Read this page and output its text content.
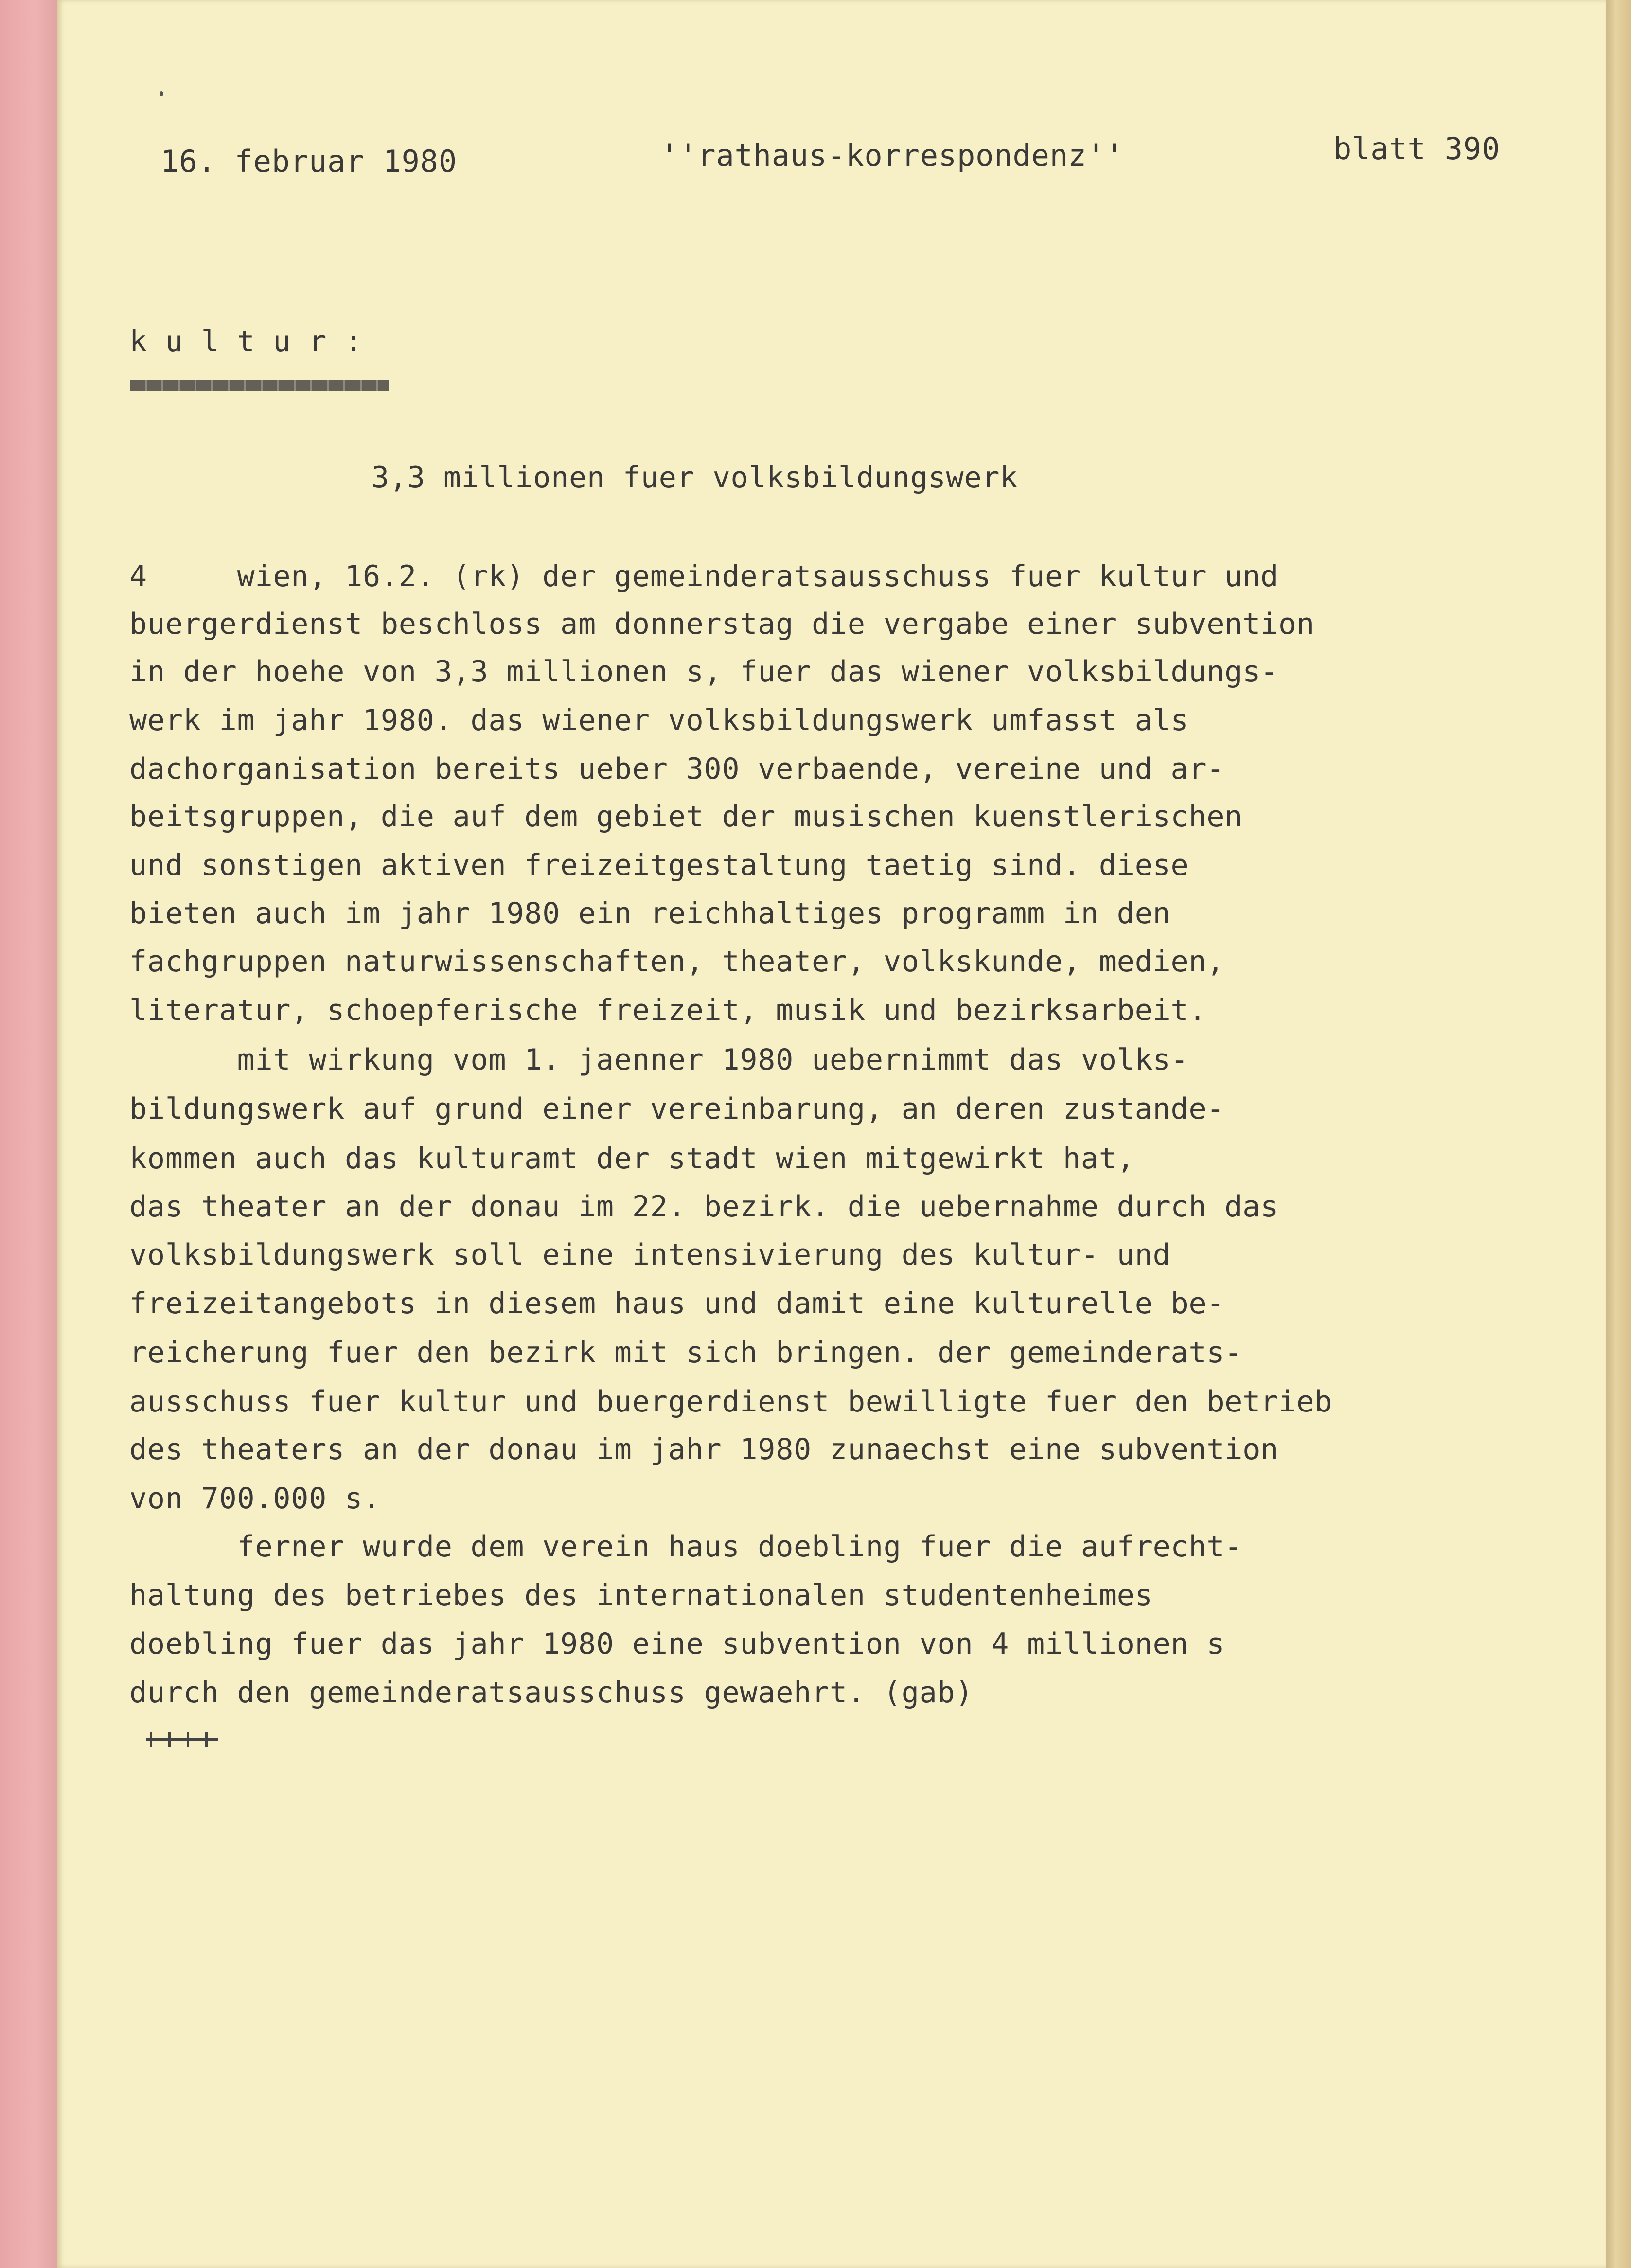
16. februar 1980	''rathaus-korrespondenz''	blatt 390

k u l t u r :

3,3 millionen fuer volksbildungswerk

4     wien, 16.2. (rk) der gemeinderatsausschuss fuer kultur und

buergerdienst beschloss am donnerstag die vergabe einer subvention

in der hoehe von 3,3 millionen s, fuer das wiener volksbildungs-

werk im jahr 1980. das wiener volksbildungswerk umfasst als

dachorganisation bereits ueber 300 verbaende, vereine und ar-

beitsgruppen, die auf dem gebiet der musischen kuenstlerischen

und sonstigen aktiven freizeitgestaltung taetig sind. diese

bieten auch im jahr 1980 ein reichhaltiges programm in den

fachgruppen naturwissenschaften, theater, volkskunde, medien,

literatur, schoepferische freizeit, musik und bezirksarbeit.

mit wirkung vom 1. jaenner 1980 uebernimmt das volks-

bildungswerk auf grund einer vereinbarung, an deren zustande-

kommen auch das kulturamt der stadt wien mitgewirkt hat,

das theater an der donau im 22. bezirk. die uebernahme durch das

volksbildungswerk soll eine intensivierung des kultur- und

freizeitangebots in diesem haus und damit eine kulturelle be-

reicherung fuer den bezirk mit sich bringen. der gemeinderats-

ausschuss fuer kultur und buergerdienst bewilligte fuer den betrieb

des theaters an der donau im jahr 1980 zunaechst eine subvention

von 700.000 s.

ferner wurde dem verein haus doebling fuer die aufrecht-

haltung des betriebes des internationalen studentenheimes

doebling fuer das jahr 1980 eine subvention von 4 millionen s

durch den gemeinderatsausschuss gewaehrt. (gab)
